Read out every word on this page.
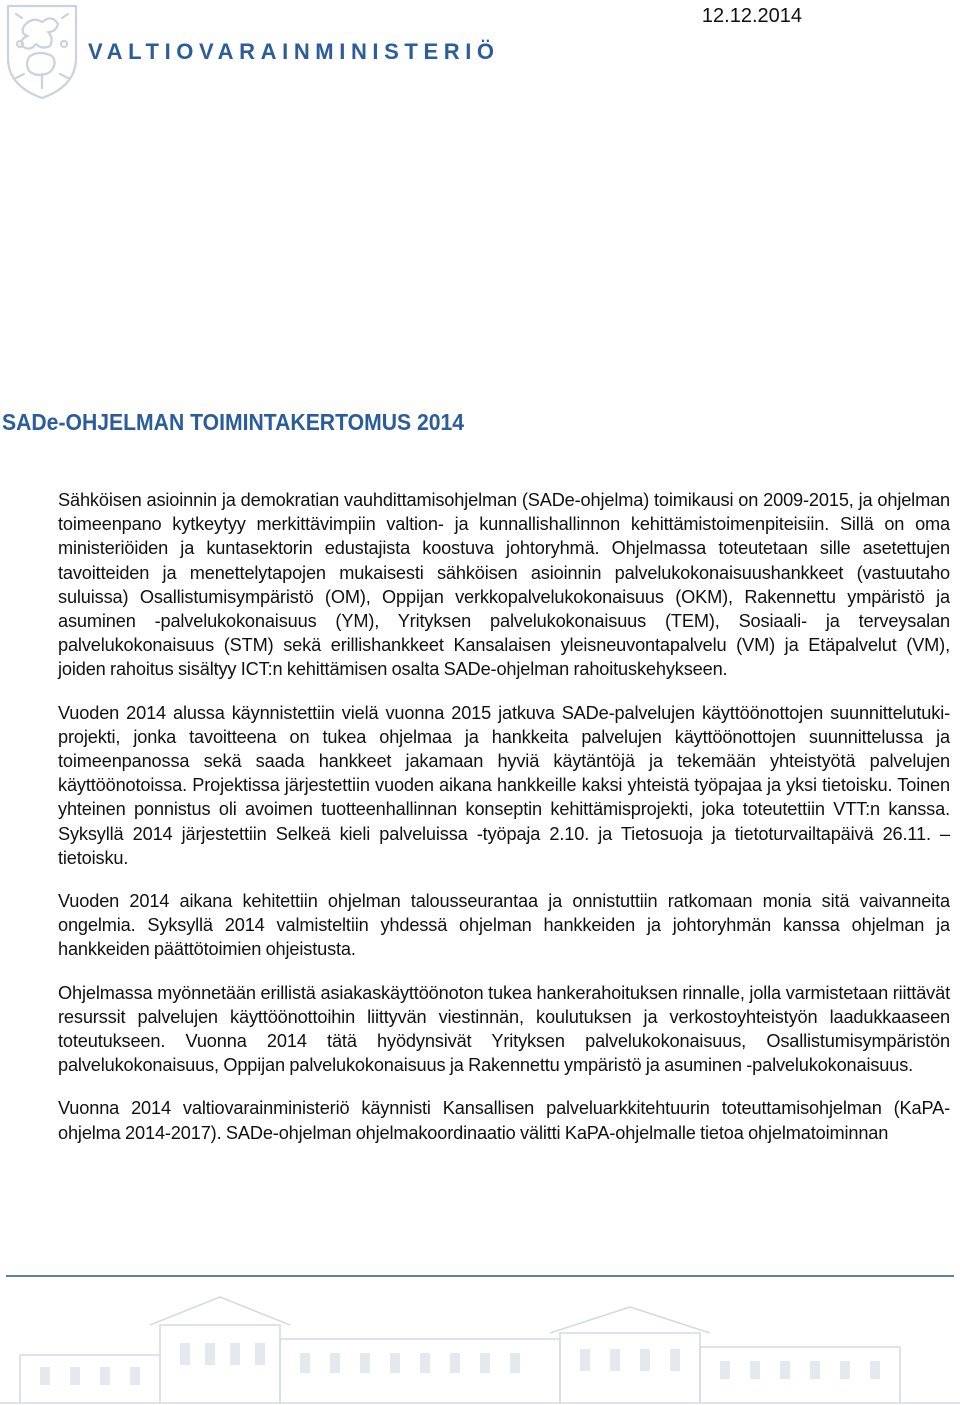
VALTIOVARAINMINISTERIÖ
12.12.2014
SADe-OHJELMAN TOIMINTAKERTOMUS 2014

Sähköisen asioinnin ja demokratian vauhdittamisohjelman (SADe-ohjelma) toimikausi on 2009-2015, ja ohjelman toimeenpano kytkeytyy merkittävimpiin valtion- ja kunnallishallinnon kehittämistoimenpiteisiin. Sillä on oma ministeriöiden ja kuntasektorin edustajista koostuva johtoryhmä. Ohjelmassa toteutetaan sille asetettujen tavoitteiden ja menettelytapojen mukaisesti sähköisen asioinnin palvelukokonaisuushankkeet (vastuutaho suluissa) Osallistumisympäristö (OM), Oppijan verkkopalvelukokonaisuus (OKM), Rakennettu ympäristö ja asuminen -palvelukokonaisuus (YM), Yrityksen palvelukokonaisuus (TEM), Sosiaali- ja terveysalan palvelukokonaisuus (STM) sekä erillishankkeet Kansalaisen yleisneuvontapalvelu (VM) ja Etäpalvelut (VM), joiden rahoitus sisältyy ICT:n kehittämisen osalta SADe-ohjelman rahoituskehykseen.

Vuoden 2014 alussa käynnistettiin vielä vuonna 2015 jatkuva SADe-palvelujen käyttöönottojen suunnittelutuki-projekti, jonka tavoitteena on tukea ohjelmaa ja hankkeita palvelujen käyttöönottojen suunnittelussa ja toimeenpanossa sekä saada hankkeet jakamaan hyviä käytäntöjä ja tekemään yhteistyötä palvelujen käyttöönotoissa. Projektissa järjestettiin vuoden aikana hankkeille kaksi yhteistä työpajaa ja yksi tietoisku. Toinen yhteinen ponnistus oli avoimen tuotteenhallinnan konseptin kehittämisprojekti, joka toteutettiin VTT:n kanssa. Syksyllä 2014 järjestettiin Selkeä kieli palveluissa -työpaja 2.10. ja Tietosuoja ja tietoturvailtapäivä 26.11. –tietoisku.

Vuoden 2014 aikana kehitettiin ohjelman talousseurantaa ja onnistuttiin ratkomaan monia sitä vaivanneita ongelmia. Syksyllä 2014 valmisteltiin yhdessä ohjelman hankkeiden ja johtoryhmän kanssa ohjelman ja hankkeiden päättötoimien ohjeistusta.

Ohjelmassa myönnetään erillistä asiakaskäyttöönoton tukea hankerahoituksen rinnalle, jolla varmistetaan riittävät resurssit palvelujen käyttöönottoihin liittyvän viestinnän, koulutuksen ja verkostoyhteistyön laadukkaaseen toteutukseen. Vuonna 2014 tätä hyödynsivät Yrityksen palvelukokonaisuus, Osallistumisympäristön palvelukokonaisuus, Oppijan palvelukokonaisuus ja Rakennettu ympäristö ja asuminen -palvelukokonaisuus.

Vuonna 2014 valtiovarainministeriö käynnisti Kansallisen palveluarkkitehtuurin toteuttamisohjelman (KaPA-ohjelma 2014-2017). SADe-ohjelman ohjelmakoordinaatio välitti KaPA-ohjelmalle tietoa ohjelmatoiminnan
